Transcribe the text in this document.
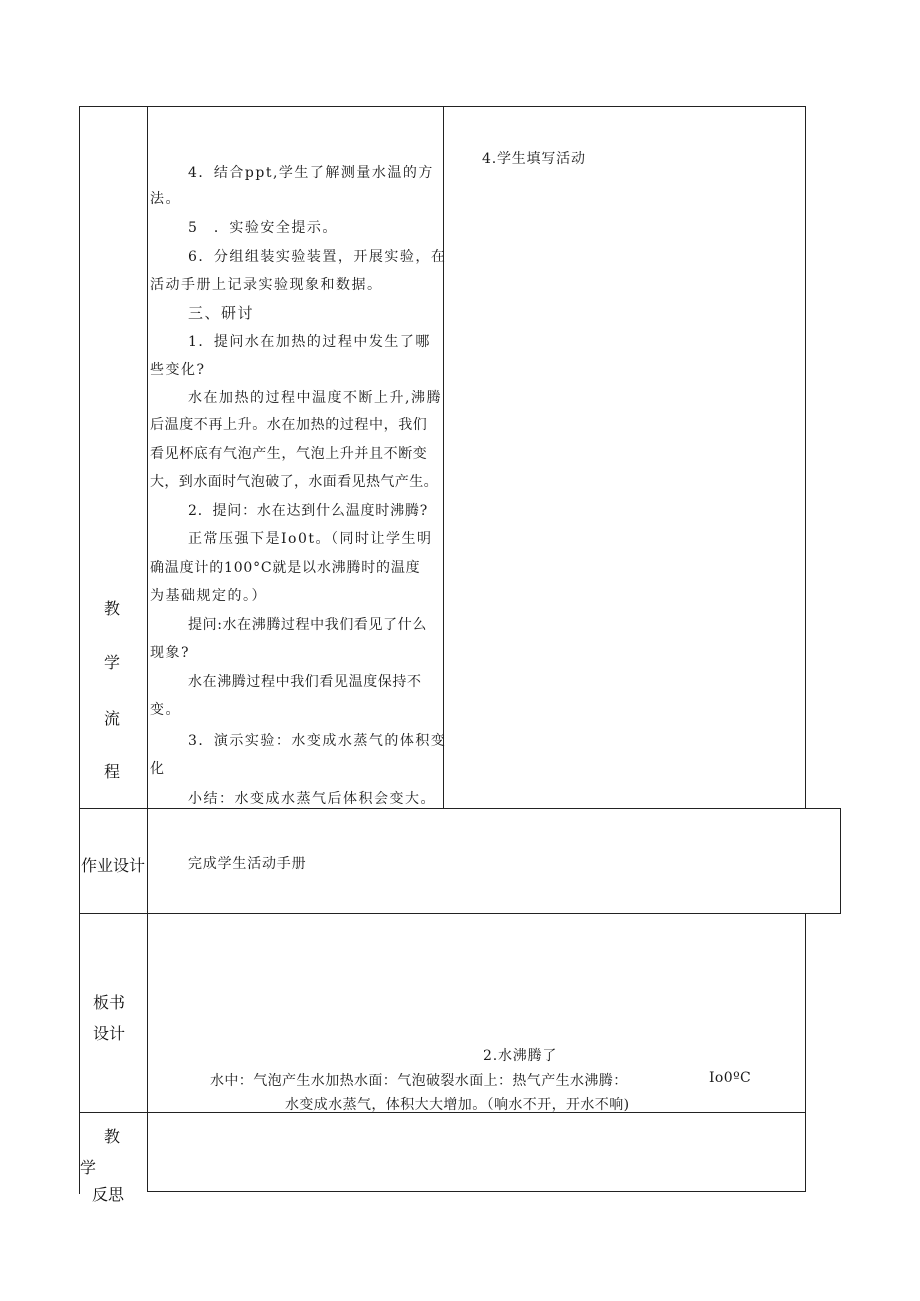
教
学
流
程
4．结合ppt,学生了解测量水温的方
法。
5　．实验安全提示。
6．分组组装实验装置，开展实验，在
活动手册上记录实验现象和数据。
三、研讨
1．提问水在加热的过程中发生了哪
些变化?
水在加热的过程中温度不断上升,沸腾
后温度不再上升。水在加热的过程中，我们
看见杯底有气泡产生，气泡上升并且不断变
大，到水面时气泡破了，水面看见热气产生。
2．提问：水在达到什么温度时沸腾?
正常压强下是Io0t。（同时让学生明
确温度计的100°C就是以水沸腾时的温度
为基础规定的。）
提问:水在沸腾过程中我们看见了什么
现象?
水在沸腾过程中我们看见温度保持不
变。
3．演示实验：水变成水蒸气的体积变
化
小结：水变成水蒸气后体积会变大。
4.学生填写活动
作业设计	完成学生活动手册
板书
设计
2.水沸腾了
水中：气泡产生水加热水面：气泡破裂水面上：热气产生水沸腾：	Io0ºC
水变成水蒸气，体积大大增加。（响水不开，开水不响)
教
学
反思
